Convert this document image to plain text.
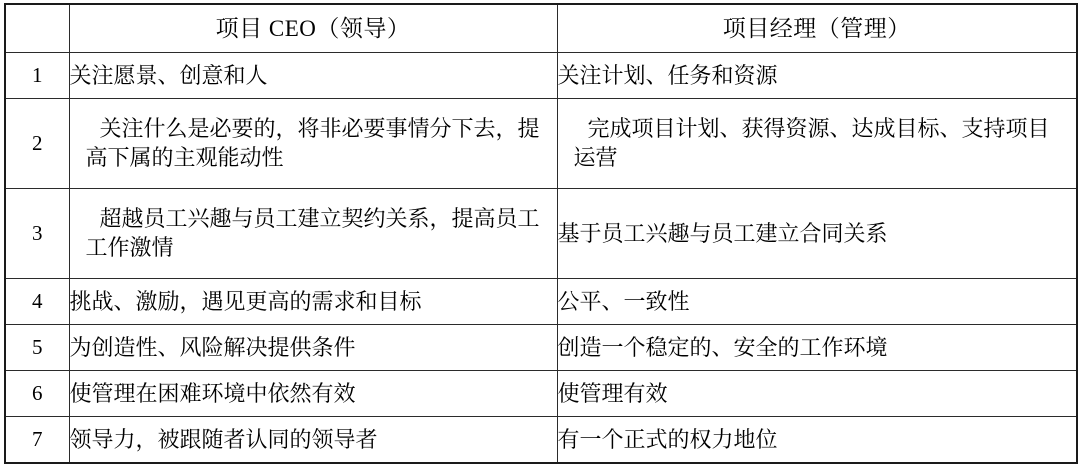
	项目 CEO（领导）	项目经理（管理）
1	关注愿景、创意和人	关注计划、任务和资源
2	关注什么是必要的，将非必要事情分下去，提高下属的主观能动性	完成项目计划、获得资源、达成目标、支持项目运营
3	超越员工兴趣与员工建立契约关系，提高员工工作激情	基于员工兴趣与员工建立合同关系
4	挑战、激励，遇见更高的需求和目标	公平、一致性
5	为创造性、风险解决提供条件	创造一个稳定的、安全的工作环境
6	使管理在困难环境中依然有效	使管理有效
7	领导力，被跟随者认同的领导者	有一个正式的权力地位
